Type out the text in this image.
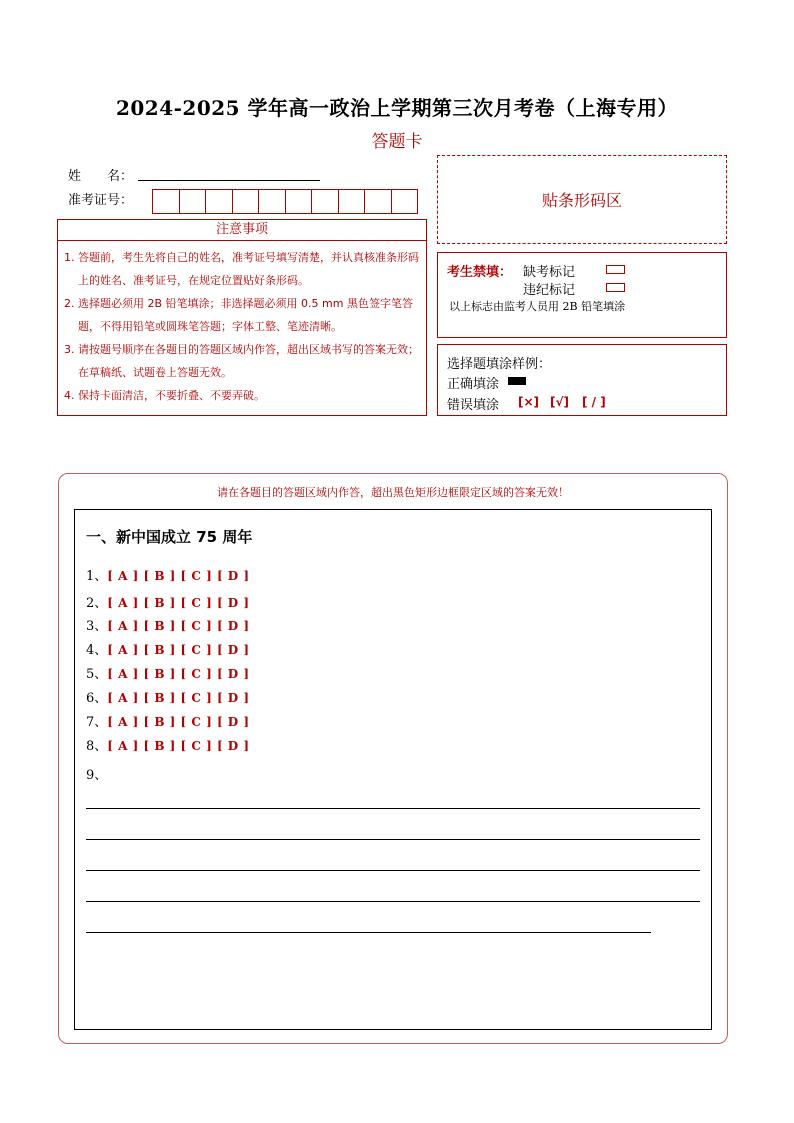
2024-2025 学年高一政治上学期第三次月考卷（上海专用）
答题卡
姓　　名：
准考证号：	贴条形码区
注意事项
1. 答题前，考生先将自己的姓名，准考证号填写清楚，并认真核准条形码上的姓名、准考证号，在规定位置贴好条形码。
2. 选择题必须用 2B 铅笔填涂；非选择题必须用 0.5 mm 黑色签字笔答题，不得用铅笔或圆珠笔答题；字体工整、笔迹清晰。
3. 请按题号顺序在各题目的答题区域内作答，超出区域书写的答案无效；在草稿纸、试题卷上答题无效。
4. 保持卡面清洁，不要折叠、不要弄破。
考生禁填： 缺考标记
违纪标记
以上标志由监考人员用 2B 铅笔填涂
选择题填涂样例：
正确填涂
错误填涂 [×] [√] [ / ]
请在各题目的答题区域内作答，超出黑色矩形边框限定区域的答案无效！
一、新中国成立 75 周年
1、[ A ] [ B ] [ C ] [ D ]
2、[ A ] [ B ] [ C ] [ D ]
3、[ A ] [ B ] [ C ] [ D ]
4、[ A ] [ B ] [ C ] [ D ]
5、[ A ] [ B ] [ C ] [ D ]
6、[ A ] [ B ] [ C ] [ D ]
7、[ A ] [ B ] [ C ] [ D ]
8、[ A ] [ B ] [ C ] [ D ]
9、
